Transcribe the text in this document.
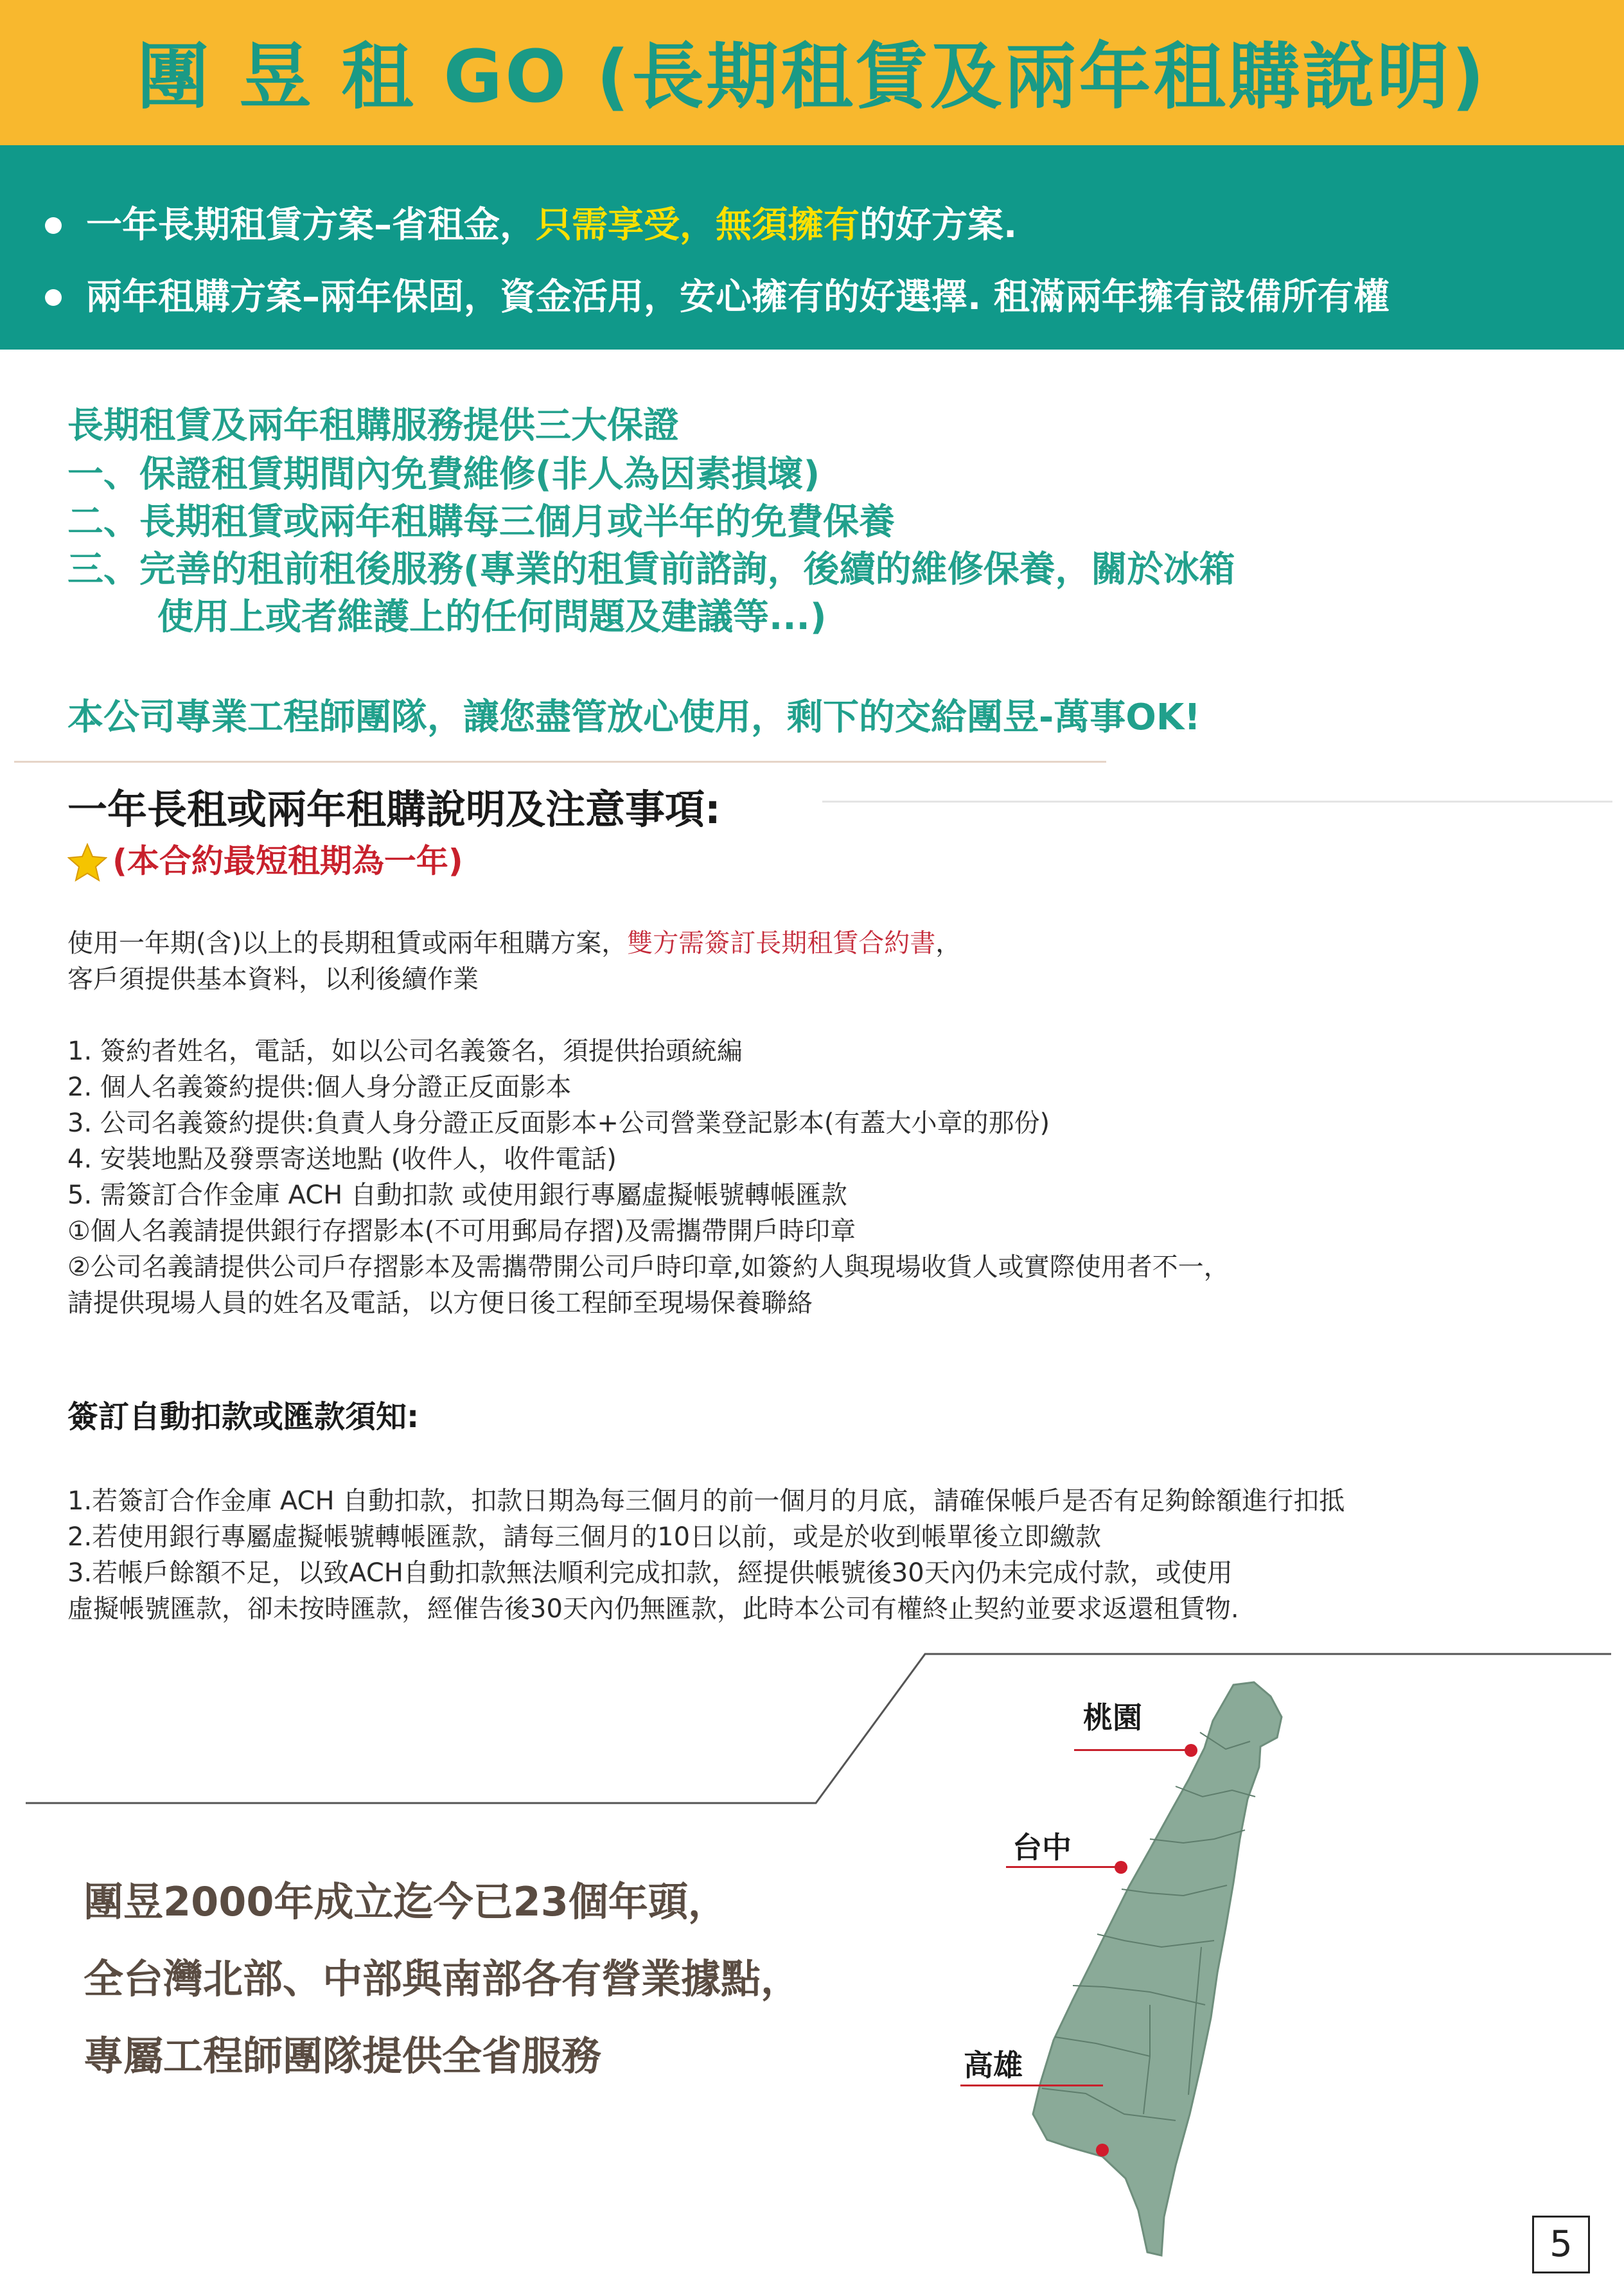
團 昱 租 GO (長期租賃及兩年租購說明)
一年長期租賃方案–省租金，只需享受，無須擁有的好方案.
兩年租購方案–兩年保固，資金活用，安心擁有的好選擇. 租滿兩年擁有設備所有權
長期租賃及兩年租購服務提供三大保證
一、保證租賃期間內免費維修(非人為因素損壞)
二、長期租賃或兩年租購每三個月或半年的免費保養
三、完善的租前租後服務(專業的租賃前諮詢，後續的維修保養，關於冰箱
使用上或者維護上的任何問題及建議等...)
本公司專業工程師團隊，讓您盡管放心使用，剩下的交給團昱-萬事OK!
一年長租或兩年租購說明及注意事項:
(本合約最短租期為一年)
使用一年期(含)以上的長期租賃或兩年租購方案，雙方需簽訂長期租賃合約書，
客戶須提供基本資料，以利後續作業
1. 簽約者姓名，電話，如以公司名義簽名，須提供抬頭統編
2. 個人名義簽約提供:個人身分證正反面影本
3. 公司名義簽約提供:負責人身分證正反面影本+公司營業登記影本(有蓋大小章的那份)
4. 安裝地點及發票寄送地點 (收件人，收件電話)
5. 需簽訂合作金庫 ACH 自動扣款 或使用銀行專屬虛擬帳號轉帳匯款
①個人名義請提供銀行存摺影本(不可用郵局存摺)及需攜帶開戶時印章
②公司名義請提供公司戶存摺影本及需攜帶開公司戶時印章,如簽約人與現場收貨人或實際使用者不一，
請提供現場人員的姓名及電話，以方便日後工程師至現場保養聯絡
簽訂自動扣款或匯款須知:
1.若簽訂合作金庫 ACH 自動扣款，扣款日期為每三個月的前一個月的月底，請確保帳戶是否有足夠餘額進行扣抵
2.若使用銀行專屬虛擬帳號轉帳匯款，請每三個月的10日以前，或是於收到帳單後立即繳款
3.若帳戶餘額不足，以致ACH自動扣款無法順利完成扣款，經提供帳號後30天內仍未完成付款，或使用
虛擬帳號匯款，卻未按時匯款，經催告後30天內仍無匯款，此時本公司有權終止契約並要求返還租賃物.
團昱2000年成立迄今已23個年頭，
全台灣北部、中部與南部各有營業據點，
專屬工程師團隊提供全省服務
桃園
台中
高雄
5
